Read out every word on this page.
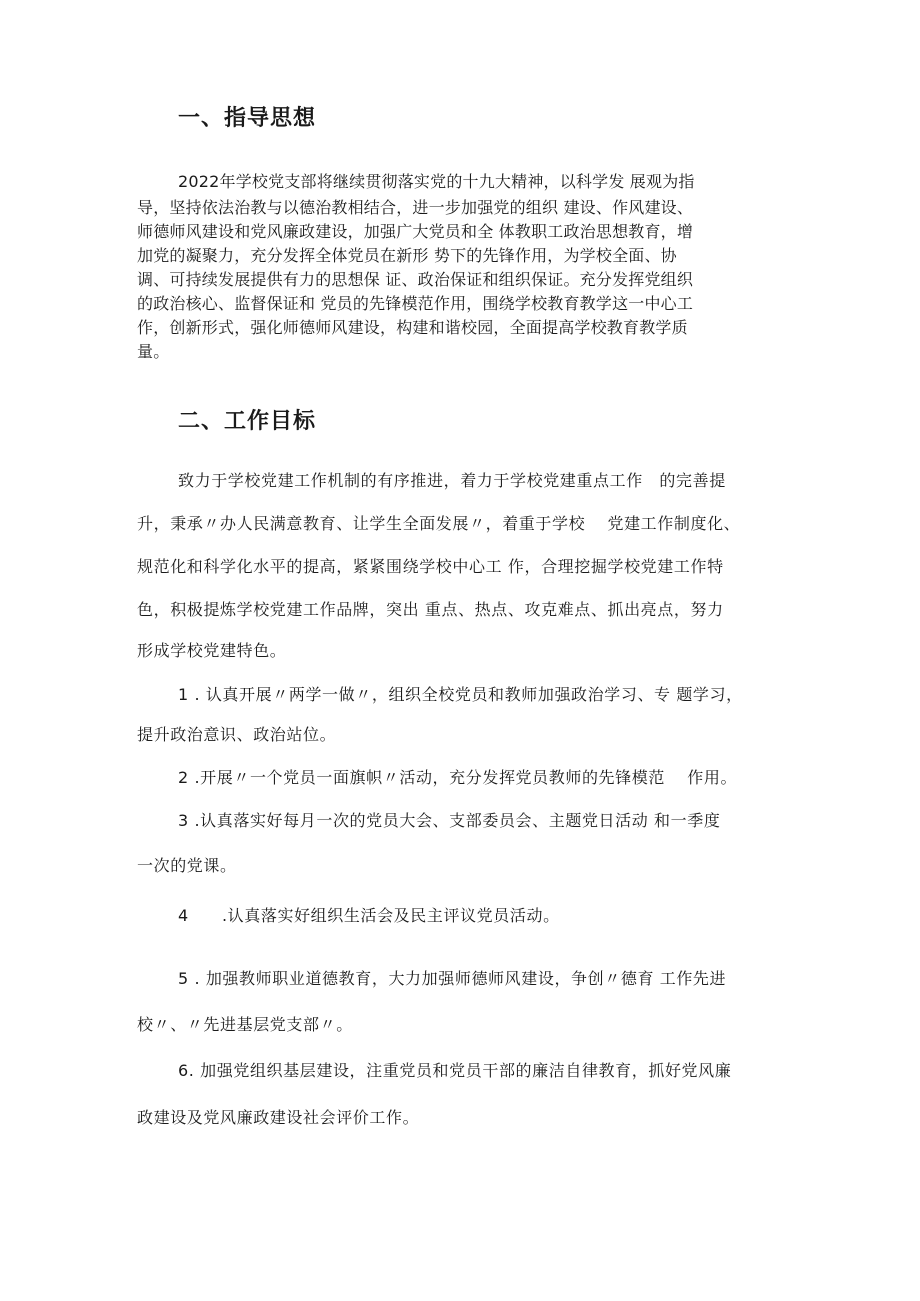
一、指导思想

2022年学校党支部将继续贯彻落实党的十九大精神，以科学发 展观为指

导，坚持依法治教与以德治教相结合，进一步加强党的组织 建设、作风建设、

师德师风建设和党风廉政建设，加强广大党员和全 体教职工政治思想教育，增

加党的凝聚力，充分发挥全体党员在新形 势下的先锋作用，为学校全面、协

调、可持续发展提供有力的思想保 证、政治保证和组织保证。充分发挥党组织

的政治核心、监督保证和 党员的先锋模范作用，围绕学校教育教学这一中心工

作，创新形式，强化师德师风建设，构建和谐校园，全面提高学校教育教学质

量。

二、工作目标

致力于学校党建工作机制的有序推进，着力于学校党建重点工作　的完善提

升，秉承〃办人民满意教育、让学生全面发展〃，着重于学校　 党建工作制度化、

规范化和科学化水平的提高，紧紧围绕学校中心工 作，合理挖掘学校党建工作特

色，积极提炼学校党建工作品牌，突出 重点、热点、攻克难点、抓出亮点，努力

形成学校党建特色。

1 . 认真开展〃两学一做〃，组织全校党员和教师加强政治学习、专 题学习，

提升政治意识、政治站位。

2 .开展〃一个党员一面旗帜〃活动，充分发挥党员教师的先锋模范　 作用。

3 .认真落实好每月一次的党员大会、支部委员会、主题党日活动 和一季度

一次的党课。

4　　.认真落实好组织生活会及民主评议党员活动。

5 . 加强教师职业道德教育，大力加强师德师风建设，争创〃德育 工作先进

校〃、〃先进基层党支部〃。

6. 加强党组织基层建设，注重党员和党员干部的廉洁自律教育，抓好党风廉

政建设及党风廉政建设社会评价工作。
